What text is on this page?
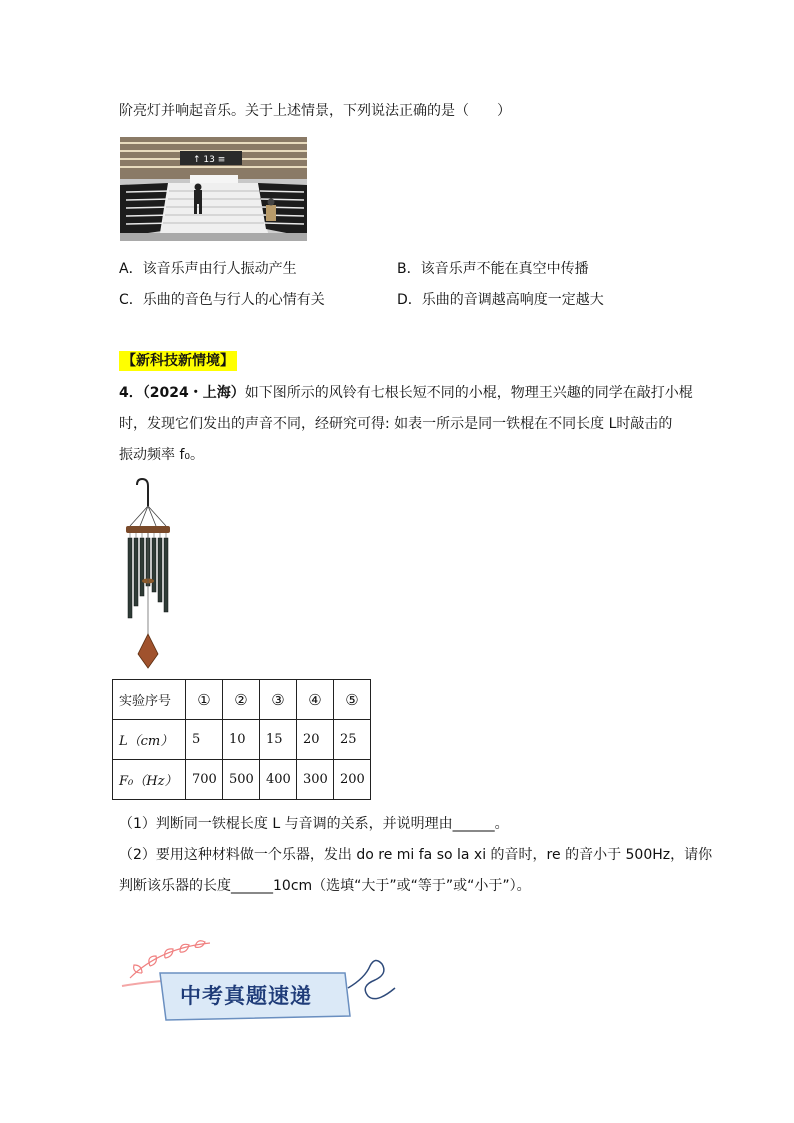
阶亮灯并响起音乐。关于上述情景，下列说法正确的是（　　）
↑ 13 ≡
A．该音乐声由行人振动产生	B．该音乐声不能在真空中传播
C．乐曲的音色与行人的心情有关	D．乐曲的音调越高响度一定越大
【新科技新情境】
4．（2024・上海）如下图所示的风铃有七根长短不同的小棍，物理王兴趣的同学在敲打小棍
时，发现它们发出的声音不同，经研究可得: 如表一所示是同一铁棍在不同长度 L时敲击的
振动频率 f₀。
实验序号	①	②	③	④	⑤
L（cm）	5	10	15	20	25
F₀（Hz）	700	500	400	300	200
（1）判断同一铁棍长度 L 与音调的关系，并说明理由______。
（2）要用这种材料做一个乐器，发出 do re mi fa so la xi 的音时，re 的音小于 500Hz，请你
判断该乐器的长度______10cm（选填“大于”或“等于”或“小于”）。
中考真题速递
